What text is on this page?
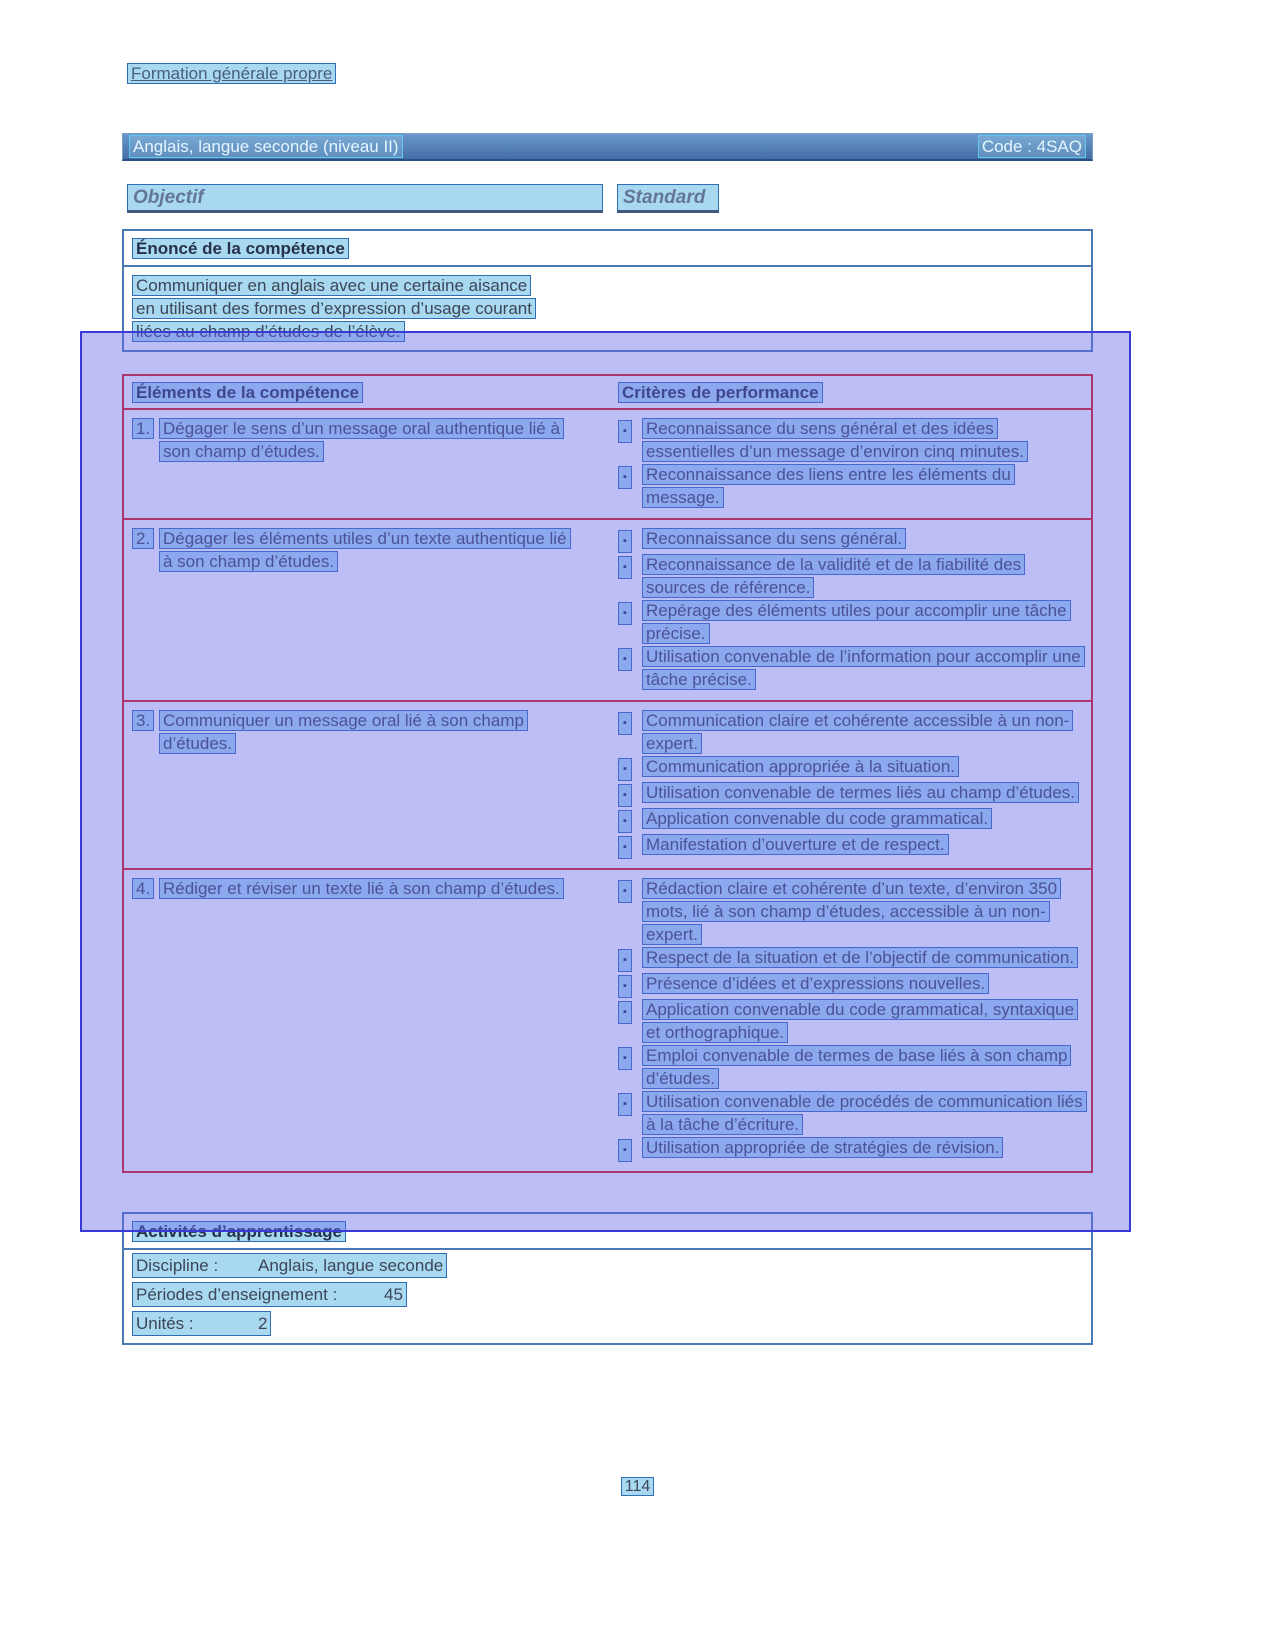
Formation générale propre
Anglais, langue seconde (niveau II)	Code : 4SAQ
Objectif	Standard
Énoncé de la compétence
Communiquer en anglais avec une certaine aisance
en utilisant des formes d’expression d’usage courant
liées au champ d’études de l’élève.
Éléments de la compétence	Critères de performance
1. Dégager le sens d’un message oral authentique lié à son champ d’études.
▪	Reconnaissance du sens général et des idées essentielles d’un message d’environ cinq minutes.
▪	Reconnaissance des liens entre les éléments du message.
2. Dégager les éléments utiles d’un texte authentique lié à son champ d’études.
▪	Reconnaissance du sens général.
▪	Reconnaissance de la validité et de la fiabilité des sources de référence.
▪	Repérage des éléments utiles pour accomplir une tâche précise.
▪	Utilisation convenable de l’information pour accomplir une tâche précise.
3. Communiquer un message oral lié à son champ d’études.
▪	Communication claire et cohérente accessible à un non-expert.
▪	Communication appropriée à la situation.
▪	Utilisation convenable de termes liés au champ d’études.
▪	Application convenable du code grammatical.
▪	Manifestation d’ouverture et de respect.
4. Rédiger et réviser un texte lié à son champ d’études.	▪	Rédaction claire et cohérente d’un texte, d’environ 350 mots, lié à son champ d’études, accessible à un non-expert.
▪	Respect de la situation et de l’objectif de communication.
▪	Présence d’idées et d’expressions nouvelles.
▪	Application convenable du code grammatical, syntaxique et orthographique.
▪	Emploi convenable de termes de base liés à son champ d’études.
▪	Utilisation convenable de procédés de communication liés à la tâche d’écriture.
▪	Utilisation appropriée de stratégies de révision.
Activités d’apprentissage
Discipline : Anglais, langue seconde
Périodes d’enseignement :	45
Unités :	2
114
